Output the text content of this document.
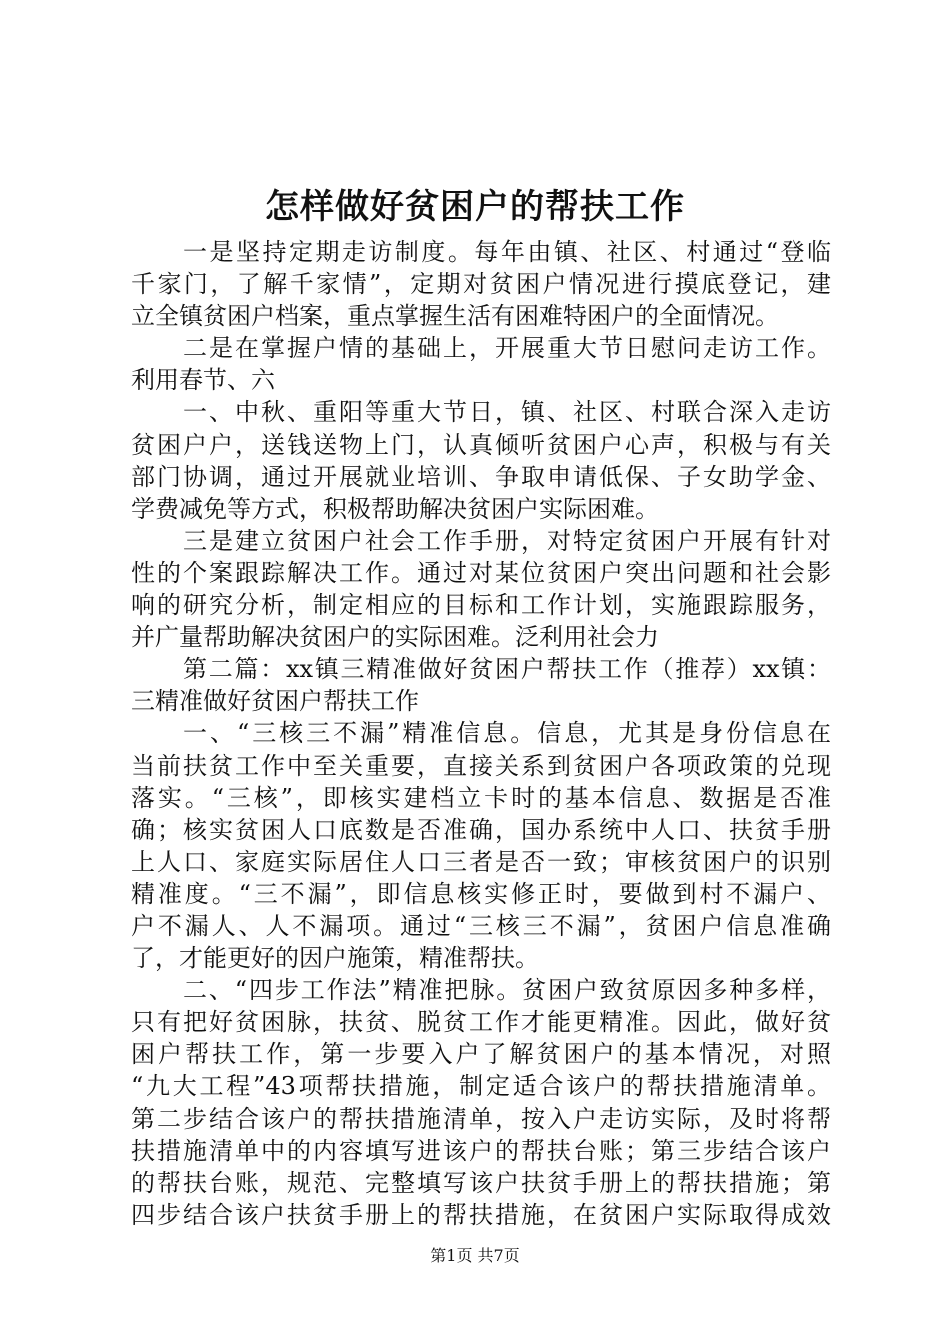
怎样做好贫困户的帮扶工作
一是坚持定期走访制度。每年由镇、社区、村通过“登临
千家门，了解千家情”，定期对贫困户情况进行摸底登记，建
立全镇贫困户档案，重点掌握生活有困难特困户的全面情况。
二是在掌握户情的基础上，开展重大节日慰问走访工作。
利用春节、六
一、中秋、重阳等重大节日，镇、社区、村联合深入走访
贫困户户，送钱送物上门，认真倾听贫困户心声，积极与有关
部门协调，通过开展就业培训、争取申请低保、子女助学金、
学费减免等方式，积极帮助解决贫困户实际困难。
三是建立贫困户社会工作手册，对特定贫困户开展有针对
性的个案跟踪解决工作。通过对某位贫困户突出问题和社会影
响的研究分析，制定相应的目标和工作计划，实施跟踪服务，
并广量帮助解决贫困户的实际困难。泛利用社会力
第二篇：xx镇三精准做好贫困户帮扶工作（推荐）xx镇：
三精准做好贫困户帮扶工作
一、“三核三不漏”精准信息。信息，尤其是身份信息在
当前扶贫工作中至关重要，直接关系到贫困户各项政策的兑现
落实。“三核”，即核实建档立卡时的基本信息、数据是否准
确；核实贫困人口底数是否准确，国办系统中人口、扶贫手册
上人口、家庭实际居住人口三者是否一致；审核贫困户的识别
精准度。“三不漏”，即信息核实修正时，要做到村不漏户、
户不漏人、人不漏项。通过“三核三不漏”，贫困户信息准确
了，才能更好的因户施策，精准帮扶。
二、“四步工作法”精准把脉。贫困户致贫原因多种多样，
只有把好贫困脉，扶贫、脱贫工作才能更精准。因此，做好贫
困户帮扶工作，第一步要入户了解贫困户的基本情况，对照
“九大工程”43项帮扶措施，制定适合该户的帮扶措施清单。
第二步结合该户的帮扶措施清单，按入户走访实际，及时将帮
扶措施清单中的内容填写进该户的帮扶台账；第三步结合该户
的帮扶台账，规范、完整填写该户扶贫手册上的帮扶措施；第
四步结合该户扶贫手册上的帮扶措施，在贫困户实际取得成效
第1页 共7页
